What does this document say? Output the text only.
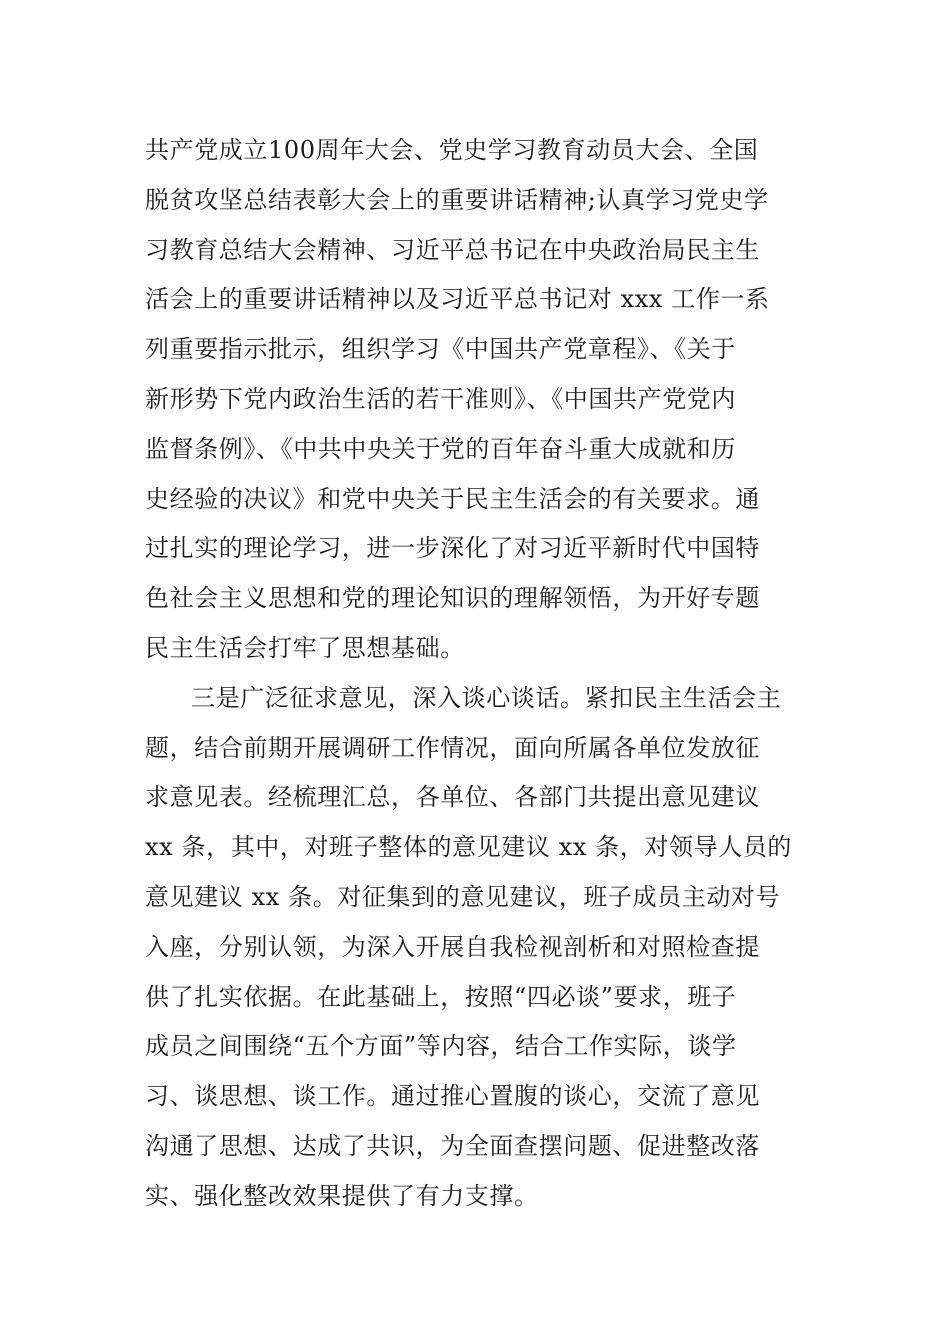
共产党成立100周年大会、党史学习教育动员大会、全国
脱贫攻坚总结表彰大会上的重要讲话精神;认真学习党史学
习教育总结大会精神、习近平总书记在中央政治局民主生
活会上的重要讲话精神以及习近平总书记对 xxx 工作一系
列重要指示批示，组织学习《中国共产党章程》、《关于
新形势下党内政治生活的若干准则》、《中国共产党党内
监督条例》、《中共中央关于党的百年奋斗重大成就和历
史经验的决议》和党中央关于民主生活会的有关要求。通
过扎实的理论学习，进一步深化了对习近平新时代中国特
色社会主义思想和党的理论知识的理解领悟，为开好专题
民主生活会打牢了思想基础。
三是广泛征求意见，深入谈心谈话。紧扣民主生活会主
题，结合前期开展调研工作情况，面向所属各单位发放征
求意见表。经梳理汇总，各单位、各部门共提出意见建议
xx 条，其中，对班子整体的意见建议 xx 条，对领导人员的
意见建议 xx 条。对征集到的意见建议，班子成员主动对号
入座，分别认领，为深入开展自我检视剖析和对照检查提
供了扎实依据。在此基础上，按照“四必谈”要求，班子
成员之间围绕“五个方面”等内容，结合工作实际，谈学
习、谈思想、谈工作。通过推心置腹的谈心，交流了意见
沟通了思想、达成了共识，为全面查摆问题、促进整改落
实、强化整改效果提供了有力支撑。
